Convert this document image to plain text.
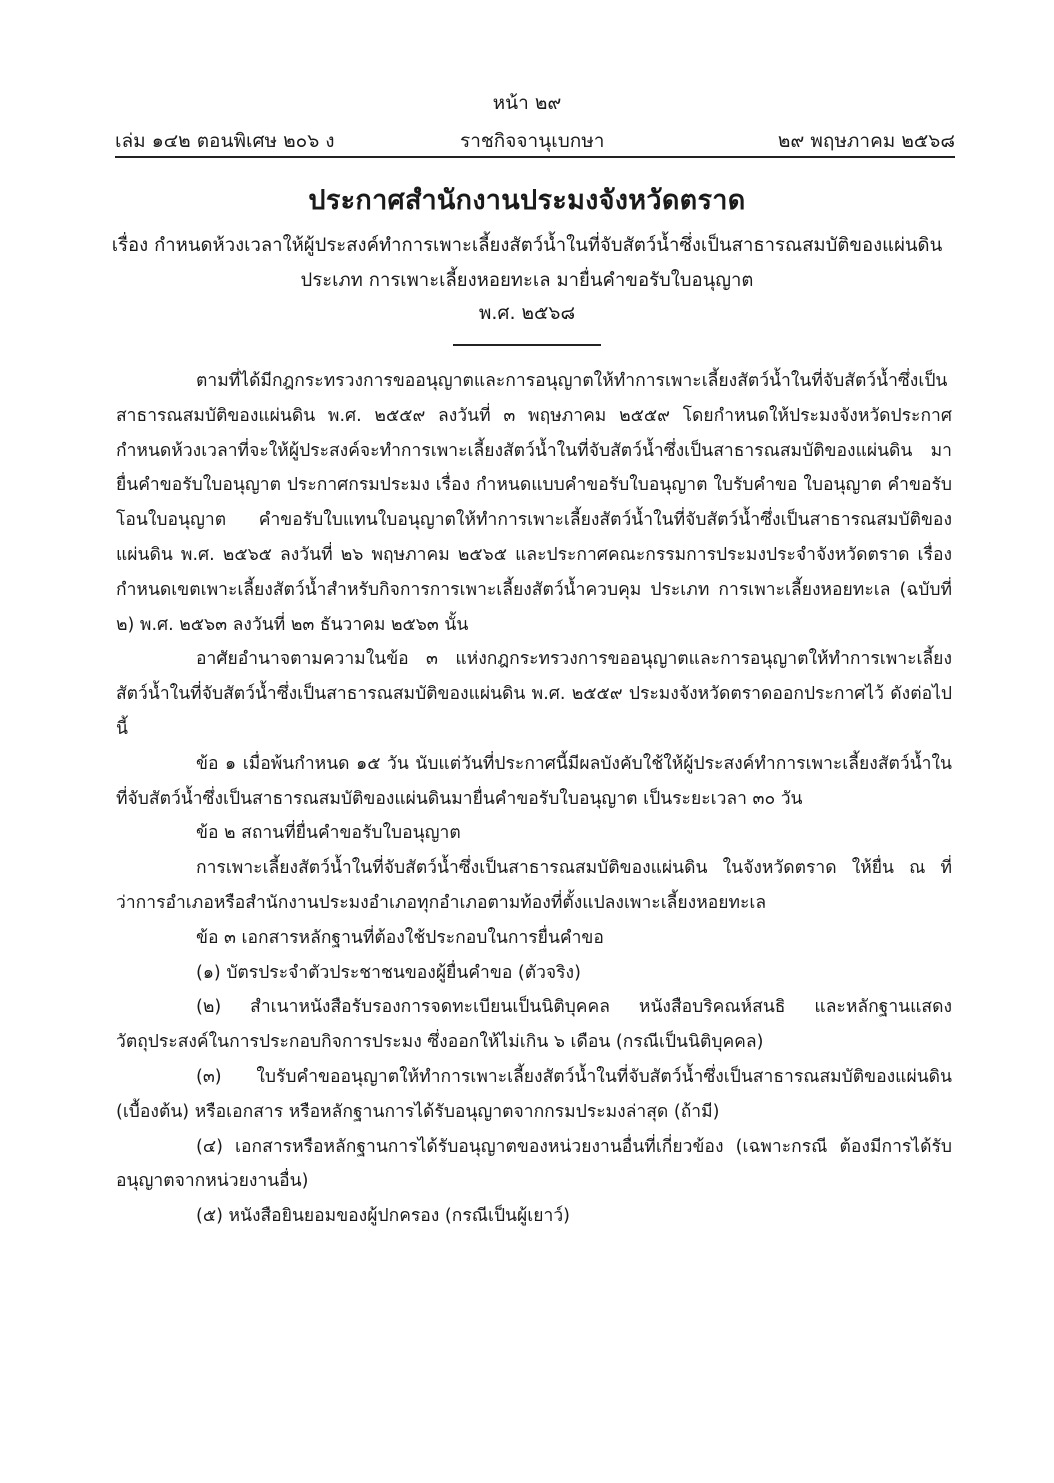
หน้า ๒๙
เล่ม ๑๔๒ ตอนพิเศษ ๒๐๖ ง	ราชกิจจานุเบกษา	๒๙ พฤษภาคม ๒๕๖๘
ประกาศสำนักงานประมงจังหวัดตราด
เรื่อง กำหนดห้วงเวลาให้ผู้ประสงค์ทำการเพาะเลี้ยงสัตว์น้ำในที่จับสัตว์น้ำซึ่งเป็นสาธารณสมบัติของแผ่นดิน
ประเภท การเพาะเลี้ยงหอยทะเล มายื่นคำขอรับใบอนุญาต
พ.ศ. ๒๕๖๘

ตามที่ได้มีกฎกระทรวงการขออนุญาตและการอนุญาตให้ทำการเพาะเลี้ยงสัตว์น้ำในที่จับสัตว์น้ำซึ่งเป็นสาธารณสมบัติของแผ่นดิน พ.ศ. ๒๕๕๙ ลงวันที่ ๓ พฤษภาคม ๒๕๕๙ โดยกำหนดให้ประมงจังหวัดประกาศกำหนดห้วงเวลาที่จะให้ผู้ประสงค์จะทำการเพาะเลี้ยงสัตว์น้ำในที่จับสัตว์น้ำซึ่งเป็นสาธารณสมบัติของแผ่นดิน มายื่นคำขอรับใบอนุญาต ประกาศกรมประมง เรื่อง กำหนดแบบคำขอรับใบอนุญาต ใบรับคำขอ ใบอนุญาต คำขอรับโอนใบอนุญาต คำขอรับใบแทนใบอนุญาตให้ทำการเพาะเลี้ยงสัตว์น้ำในที่จับสัตว์น้ำซึ่งเป็นสาธารณสมบัติของแผ่นดิน พ.ศ. ๒๕๖๕ ลงวันที่ ๒๖ พฤษภาคม ๒๕๖๕ และประกาศคณะกรรมการประมงประจำจังหวัดตราด เรื่อง กำหนดเขตเพาะเลี้ยงสัตว์น้ำสำหรับกิจการการเพาะเลี้ยงสัตว์น้ำควบคุม ประเภท การเพาะเลี้ยงหอยทะเล (ฉบับที่ ๒) พ.ศ. ๒๕๖๓ ลงวันที่ ๒๓ ธันวาคม ๒๕๖๓ นั้น

อาศัยอำนาจตามความในข้อ ๓ แห่งกฎกระทรวงการขออนุญาตและการอนุญาตให้ทำการเพาะเลี้ยงสัตว์น้ำในที่จับสัตว์น้ำซึ่งเป็นสาธารณสมบัติของแผ่นดิน พ.ศ. ๒๕๕๙ ประมงจังหวัดตราดออกประกาศไว้ ดังต่อไปนี้

ข้อ ๑ เมื่อพ้นกำหนด ๑๕ วัน นับแต่วันที่ประกาศนี้มีผลบังคับใช้ให้ผู้ประสงค์ทำการเพาะเลี้ยงสัตว์น้ำในที่จับสัตว์น้ำซึ่งเป็นสาธารณสมบัติของแผ่นดินมายื่นคำขอรับใบอนุญาต เป็นระยะเวลา ๓๐ วัน

ข้อ ๒ สถานที่ยื่นคำขอรับใบอนุญาต

การเพาะเลี้ยงสัตว์น้ำในที่จับสัตว์น้ำซึ่งเป็นสาธารณสมบัติของแผ่นดิน ในจังหวัดตราด ให้ยื่น ณ ที่ว่าการอำเภอหรือสำนักงานประมงอำเภอทุกอำเภอตามท้องที่ตั้งแปลงเพาะเลี้ยงหอยทะเล

ข้อ ๓ เอกสารหลักฐานที่ต้องใช้ประกอบในการยื่นคำขอ

(๑) บัตรประจำตัวประชาชนของผู้ยื่นคำขอ (ตัวจริง)

(๒) สำเนาหนังสือรับรองการจดทะเบียนเป็นนิติบุคคล หนังสือบริคณห์สนธิ และหลักฐานแสดงวัตถุประสงค์ในการประกอบกิจการประมง ซึ่งออกให้ไม่เกิน ๖ เดือน (กรณีเป็นนิติบุคคล)

(๓) ใบรับคำขออนุญาตให้ทำการเพาะเลี้ยงสัตว์น้ำในที่จับสัตว์น้ำซึ่งเป็นสาธารณสมบัติของแผ่นดิน (เบื้องต้น) หรือเอกสาร หรือหลักฐานการได้รับอนุญาตจากกรมประมงล่าสุด (ถ้ามี)

(๔) เอกสารหรือหลักฐานการได้รับอนุญาตของหน่วยงานอื่นที่เกี่ยวข้อง (เฉพาะกรณี ต้องมีการได้รับอนุญาตจากหน่วยงานอื่น)

(๕) หนังสือยินยอมของผู้ปกครอง (กรณีเป็นผู้เยาว์)
